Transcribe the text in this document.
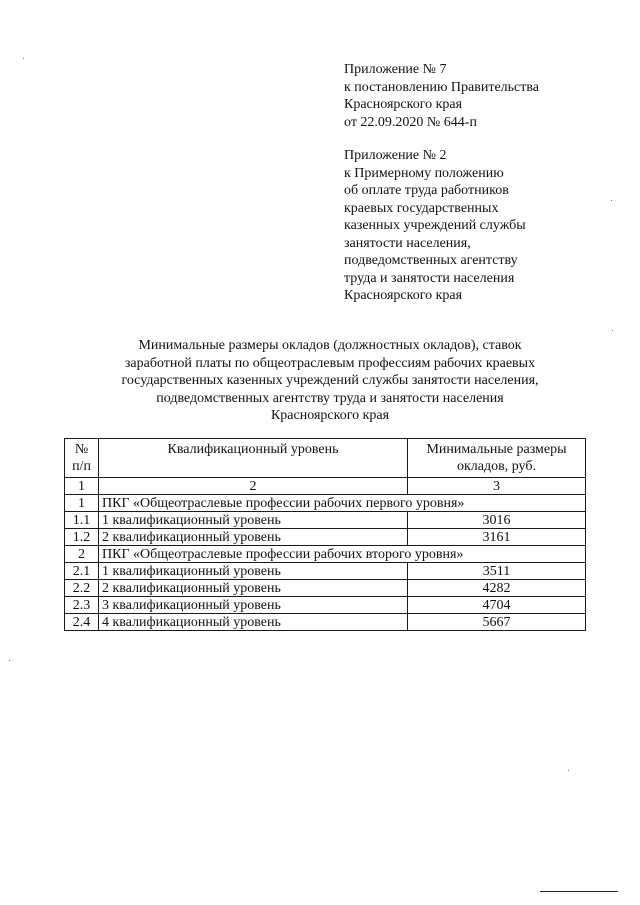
Приложение № 7
к постановлению Правительства
Красноярского края
от 22.09.2020 № 644-п
Приложение № 2
к Примерному положению
об оплате труда работников
краевых государственных
казенных учреждений службы
занятости населения,
подведомственных агентству
труда и занятости населения
Красноярского края
Минимальные размеры окладов (должностных окладов), ставок
заработной платы по общеотраслевым профессиям рабочих краевых
государственных казенных учреждений службы занятости населения,
подведомственных агентству труда и занятости населения
Красноярского края
№ п/п	Квалификационный уровень	Минимальные размеры окладов, руб.
1	2	3
1	ПКГ «Общеотраслевые профессии рабочих первого уровня»	
1.1	1 квалификационный уровень	3016
1.2	2 квалификационный уровень	3161
2	ПКГ «Общеотраслевые профессии рабочих второго уровня»	
2.1	1 квалификационный уровень	3511
2.2	2 квалификационный уровень	4282
2.3	3 квалификационный уровень	4704
2.4	4 квалификационный уровень	5667
